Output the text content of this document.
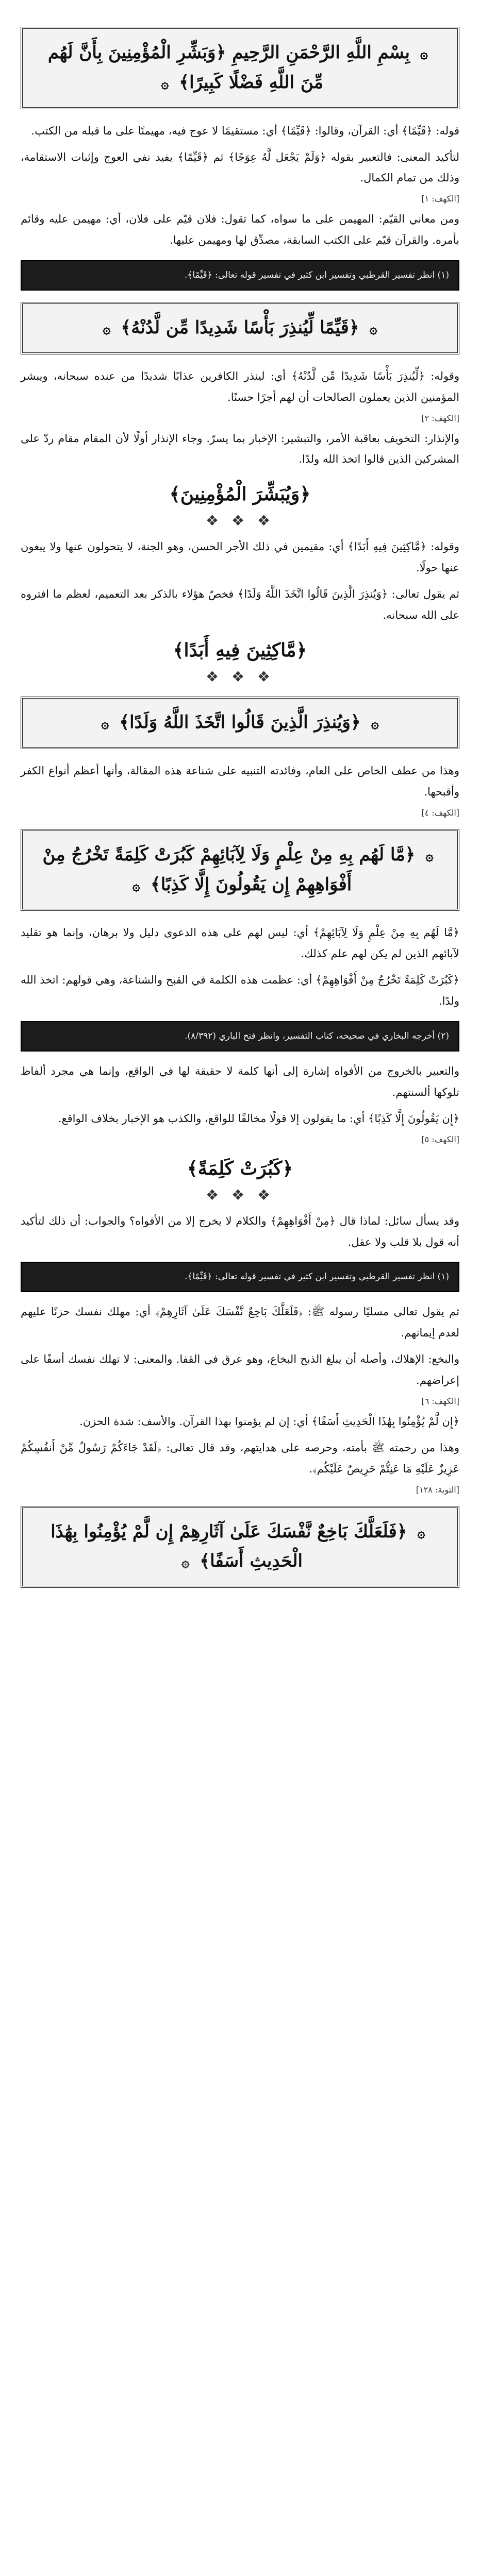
۞ بِسْمِ اللَّهِ الرَّحْمَنِ الرَّحِيمِ ﴿وَبَشِّرِ الْمُؤْمِنِينَ بِأَنَّ لَهُم مِّنَ اللَّهِ فَضْلًا كَبِيرًا﴾ ۞

قوله: ﴿قَيِّمًا﴾ أي: القرآن، وقالوا: ﴿قَيِّمًا﴾ أي: مستقيمًا لا عوج فيه، مهيمنًا على ما قبله من الكتب.

لتأكيد المعنى: فالتعبير بقوله ﴿وَلَمْ يَجْعَل لَّهُ عِوَجًا﴾ ثم ﴿قَيِّمًا﴾ يفيد نفي العوج وإثبات الاستقامة، وذلك من تمام الكمال.

[الكهف: ١]

ومن معاني القيّم: المهيمن على ما سواه، كما تقول: فلان قيّم على فلان، أي: مهيمن عليه وقائم بأمره. والقرآن قيّم على الكتب السابقة، مصدِّق لها ومهيمن عليها.

(١) انظر تفسير القرطبي وتفسير ابن كثير في تفسير قوله تعالى: ﴿قَيِّمًا﴾.
۞ ﴿قَيِّمًا لِّيُنذِرَ بَأْسًا شَدِيدًا مِّن لَّدُنْهُ﴾ ۞

وقوله: ﴿لِّيُنذِرَ بَأْسًا شَدِيدًا مِّن لَّدُنْهُ﴾ أي: لينذر الكافرين عذابًا شديدًا من عنده سبحانه، ويبشر المؤمنين الذين يعملون الصالحات أن لهم أجرًا حسنًا.

[الكهف: ٢]

والإنذار: التخويف بعاقبة الأمر، والتبشير: الإخبار بما يسرّ. وجاء الإنذار أولًا لأن المقام مقام ردّ على المشركين الذين قالوا اتخذ الله ولدًا.

﴿وَيُبَشِّرَ الْمُؤْمِنِينَ﴾
❖ ❖ ❖

وقوله: ﴿مَّاكِثِينَ فِيهِ أَبَدًا﴾ أي: مقيمين في ذلك الأجر الحسن، وهو الجنة، لا يتحولون عنها ولا يبغون عنها حولًا.

ثم يقول تعالى: ﴿وَيُنذِرَ الَّذِينَ قَالُوا اتَّخَذَ اللَّهُ وَلَدًا﴾ فخصّ هؤلاء بالذكر بعد التعميم، لعظم ما افتروه على الله سبحانه.

﴿مَّاكِثِينَ فِيهِ أَبَدًا﴾
❖ ❖ ❖
۞ ﴿وَيُنذِرَ الَّذِينَ قَالُوا اتَّخَذَ اللَّهُ وَلَدًا﴾ ۞

وهذا من عطف الخاص على العام، وفائدته التنبيه على شناعة هذه المقالة، وأنها أعظم أنواع الكفر وأقبحها.

[الكهف: ٤]
۞ ﴿مَّا لَهُم بِهِ مِنْ عِلْمٍ وَلَا لِآبَائِهِمْ كَبُرَتْ كَلِمَةً تَخْرُجُ مِنْ أَفْوَاهِهِمْ إِن يَقُولُونَ إِلَّا كَذِبًا﴾ ۞

﴿مَّا لَهُم بِهِ مِنْ عِلْمٍ وَلَا لِآبَائِهِمْ﴾ أي: ليس لهم على هذه الدعوى دليل ولا برهان، وإنما هو تقليد لآبائهم الذين لم يكن لهم علم كذلك.

﴿كَبُرَتْ كَلِمَةً تَخْرُجُ مِنْ أَفْوَاهِهِمْ﴾ أي: عظمت هذه الكلمة في القبح والشناعة، وهي قولهم: اتخذ الله ولدًا.

(٢) أخرجه البخاري في صحيحه، كتاب التفسير، وانظر فتح الباري (٨/٣٩٢).

والتعبير بالخروج من الأفواه إشارة إلى أنها كلمة لا حقيقة لها في الواقع، وإنما هي مجرد ألفاظ تلوكها ألسنتهم.

﴿إِن يَقُولُونَ إِلَّا كَذِبًا﴾ أي: ما يقولون إلا قولًا مخالفًا للواقع، والكذب هو الإخبار بخلاف الواقع.

[الكهف: ٥]
﴿كَبُرَتْ كَلِمَةً﴾
❖ ❖ ❖

وقد يسأل سائل: لماذا قال ﴿مِنْ أَفْوَاهِهِمْ﴾ والكلام لا يخرج إلا من الأفواه؟ والجواب: أن ذلك لتأكيد أنه قول بلا قلب ولا عقل.

(١) انظر تفسير القرطبي وتفسير ابن كثير في تفسير قوله تعالى: ﴿قَيِّمًا﴾.

ثم يقول تعالى مسليًا رسوله ﷺ: ﴿فَلَعَلَّكَ بَاخِعٌ نَّفْسَكَ عَلَىٰ آثَارِهِمْ﴾ أي: مهلك نفسك حزنًا عليهم لعدم إيمانهم.

والبخع: الإهلاك، وأصله أن يبلغ الذبح البخاع، وهو عرق في القفا. والمعنى: لا تهلك نفسك أسفًا على إعراضهم.

[الكهف: ٦]

﴿إِن لَّمْ يُؤْمِنُوا بِهَٰذَا الْحَدِيثِ أَسَفًا﴾ أي: إن لم يؤمنوا بهذا القرآن. والأسف: شدة الحزن.

وهذا من رحمته ﷺ بأمته، وحرصه على هدايتهم، وقد قال تعالى: ﴿لَقَدْ جَاءَكُمْ رَسُولٌ مِّنْ أَنفُسِكُمْ عَزِيزٌ عَلَيْهِ مَا عَنِتُّمْ حَرِيصٌ عَلَيْكُم﴾.

[التوبة: ١٢٨]
۞ ﴿فَلَعَلَّكَ بَاخِعٌ نَّفْسَكَ عَلَىٰ آثَارِهِمْ إِن لَّمْ يُؤْمِنُوا بِهَٰذَا الْحَدِيثِ أَسَفًا﴾ ۞
